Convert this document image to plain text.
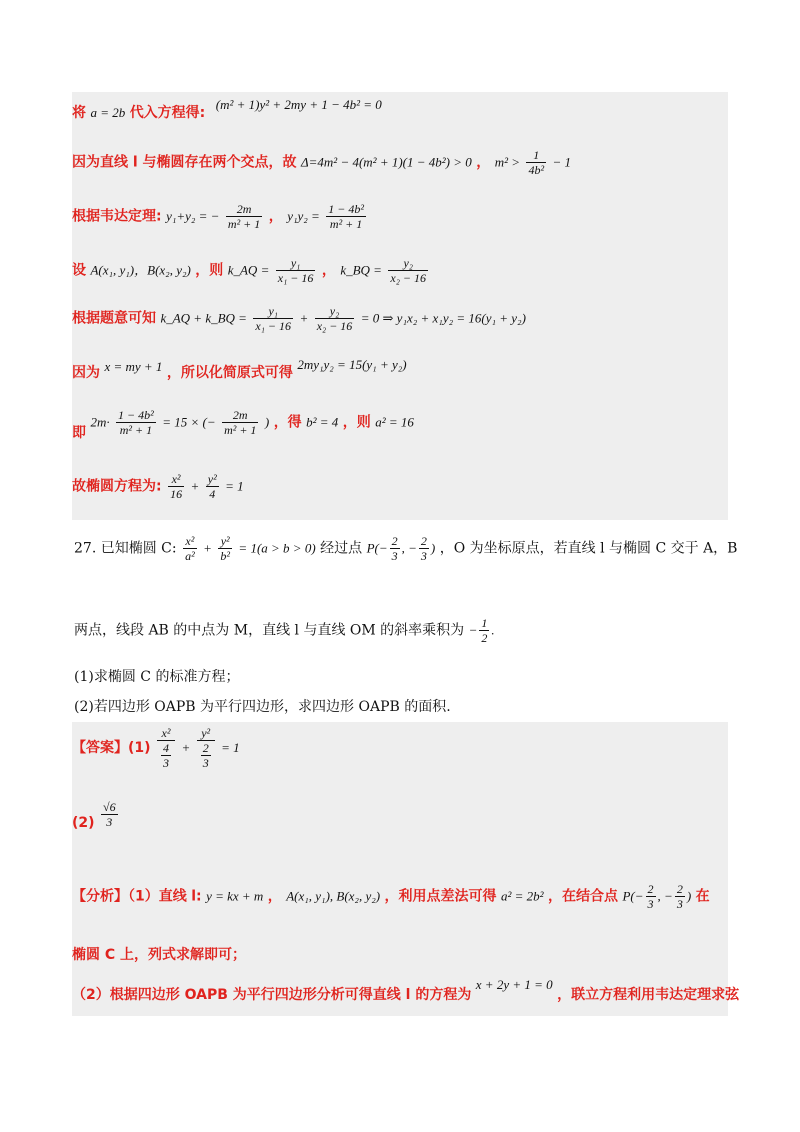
将 a = 2b 代入方程得: (m² + 1)y² + 2my + 1 − 4b² = 0
因为直线 l 与椭圆存在两个交点，故 Δ=4m² − 4(m² + 1)(1 − 4b²) > 0 ， $m^2 > \frac{1}{\text{4b²}} - 1$
根据韦达定理: y₁+y₂ = − $\frac{2m}{\text{m² + 1}}$ ， $y_1y_2 = \frac{\text{1 − 4b²}}{\text{m² + 1}}$
设 A(x₁, y₁)，B(x₂, y₂) ，则 k_AQ = $\frac{\text{y₁}}{\text{x₁ − 16}}$ ， k_BQ = $\frac{\text{y₂}}{\text{x₂ − 16}}$
根据题意可知 k_AQ + k_BQ = $\frac{\text{y₁}}{\text{x₁ − 16}} + \frac{\text{y₂}}{\text{x₂ − 16}} = 0$ ⇒ y₁x₂ + x₁y₂ = 16(y₁ + y₂)
因为 x = my + 1 ，所以化简原式可得 2my₁y₂ = 15(y₁ + y₂)
即 $2m\cdot \frac{\text{1 − 4b²}}{\text{m² + 1}} = 15$ × (− $\frac{2m}{\text{m² + 1}}$ ) ，得 b² = 4 ，则 a² = 16
故椭圆方程为: $\frac{\text{x²}}{16} + \frac{\text{y²}}{4} = 1$
27. 已知椭圆 C: $\frac{\text{x²}}{\text{a²}} + \frac{\text{y²}}{\text{b²}} = 1(a > b > 0)$ 经过点 $P(- \frac{2}{3}$ , − $\frac{2}{3}$ ) ，O 为坐标原点，若直线 l 与椭圆 C 交于 A，B
两点，线段 AB 的中点为 M，直线 l 与直线 OM 的斜率乘积为 − $\frac{1}{2}$ .
(1)求椭圆 C 的标准方程；
(2)若四边形 OAPB 为平行四边形，求四边形 OAPB 的面积.
【答案】$(1) \frac{\text{x²}}{\frac{4}{3}} + \frac{\text{y²}}{\frac{2}{3}} = 1$
$(2) \frac{√6}{3}$
【分析】（1）直线 l: y = kx + m ， A(x₁, y₁), B(x₂, y₂) ，利用点差法可得 a² = 2b² ，在结合点 $P(- \frac{2}{3}$ , − $\frac{2}{3}$ ) 在
椭圆 C 上，列式求解即可；
（2）根据四边形 OAPB 为平行四边形分析可得直线 l 的方程为 x + 2y + 1 = 0 ，联立方程利用韦达定理求弦
